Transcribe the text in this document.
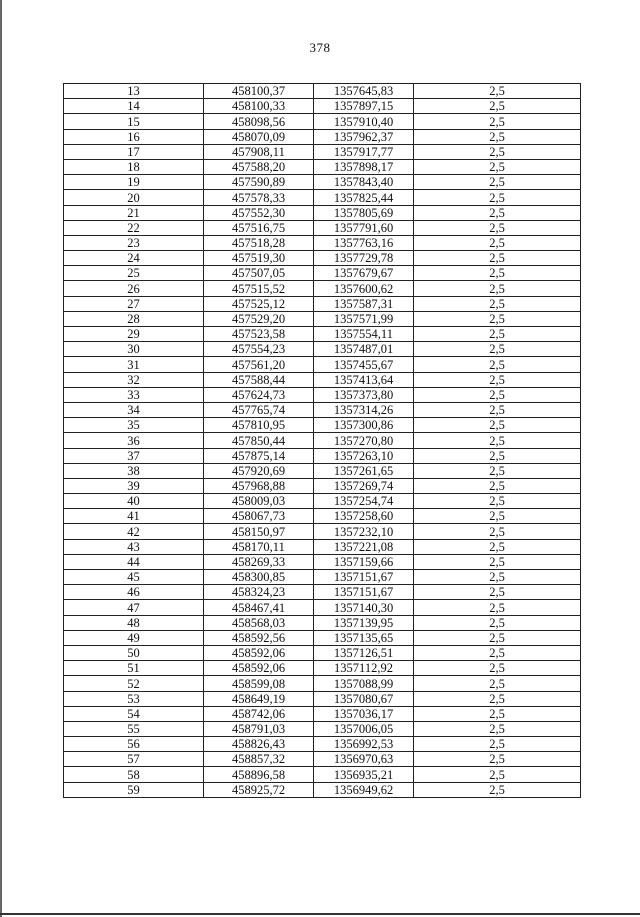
378
13	458100,37	1357645,83	2,5
14	458100,33	1357897,15	2,5
15	458098,56	1357910,40	2,5
16	458070,09	1357962,37	2,5
17	457908,11	1357917,77	2,5
18	457588,20	1357898,17	2,5
19	457590,89	1357843,40	2,5
20	457578,33	1357825,44	2,5
21	457552,30	1357805,69	2,5
22	457516,75	1357791,60	2,5
23	457518,28	1357763,16	2,5
24	457519,30	1357729,78	2,5
25	457507,05	1357679,67	2,5
26	457515,52	1357600,62	2,5
27	457525,12	1357587,31	2,5
28	457529,20	1357571,99	2,5
29	457523,58	1357554,11	2,5
30	457554,23	1357487,01	2,5
31	457561,20	1357455,67	2,5
32	457588,44	1357413,64	2,5
33	457624,73	1357373,80	2,5
34	457765,74	1357314,26	2,5
35	457810,95	1357300,86	2,5
36	457850,44	1357270,80	2,5
37	457875,14	1357263,10	2,5
38	457920,69	1357261,65	2,5
39	457968,88	1357269,74	2,5
40	458009,03	1357254,74	2,5
41	458067,73	1357258,60	2,5
42	458150,97	1357232,10	2,5
43	458170,11	1357221,08	2,5
44	458269,33	1357159,66	2,5
45	458300,85	1357151,67	2,5
46	458324,23	1357151,67	2,5
47	458467,41	1357140,30	2,5
48	458568,03	1357139,95	2,5
49	458592,56	1357135,65	2,5
50	458592,06	1357126,51	2,5
51	458592,06	1357112,92	2,5
52	458599,08	1357088,99	2,5
53	458649,19	1357080,67	2,5
54	458742,06	1357036,17	2,5
55	458791,03	1357006,05	2,5
56	458826,43	1356992,53	2,5
57	458857,32	1356970,63	2,5
58	458896,58	1356935,21	2,5
59	458925,72	1356949,62	2,5
